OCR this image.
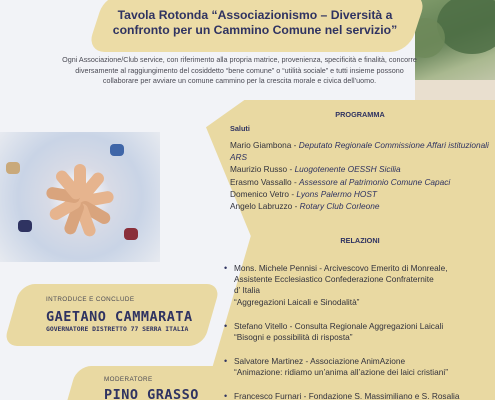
Tavola Rotonda “Associazionismo – Diversità a confronto per un Cammino Comune nel servizio”
Ogni Associazione/Club service, con riferimento alla propria matrice, provenienza, specificità e finalità, concorre diversamente al raggiungimento del cosiddetto “bene comune” o “utilità sociale” e tutti insieme possono collaborare per avviare un comune cammino per la crescita morale e civica dell’uomo.
PROGRAMMA
Saluti
Mario Giambona - Deputato Regionale Commissione Affari istituzionali ARS
Maurizio Russo - Luogotenente OESSH Sicilia
Erasmo Vassallo - Assessore al Patrimonio Comune Capaci
Domenico Vetro - Lyons Palermo HOST
Angelo Labruzzo - Rotary Club Corleone
RELAZIONI
• Mons. Michele Pennisi - Arcivescovo Emerito di Monreale,
Assistente Ecclesiastico Confederazione Confraternite
d’ Italia
“Aggregazioni Laicali e Sinodalità”
• Stefano Vitello - Consulta Regionale Aggregazioni Laicali
“Bisogni e possibilità di risposta”
• Salvatore Martinez - Associazione AnimAzione
“Animazione: ridiamo un’anima all’azione dei laici cristiani”
• Francesco Furnari - Fondazione S. Massimiliano e S. Rosalia
INTRODUCE E CONCLUDE
GAETANO CAMMARATA
GOVERNATORE DISTRETTO 77 SERRA ITALIA
MODERATORE
PINO GRASSO
